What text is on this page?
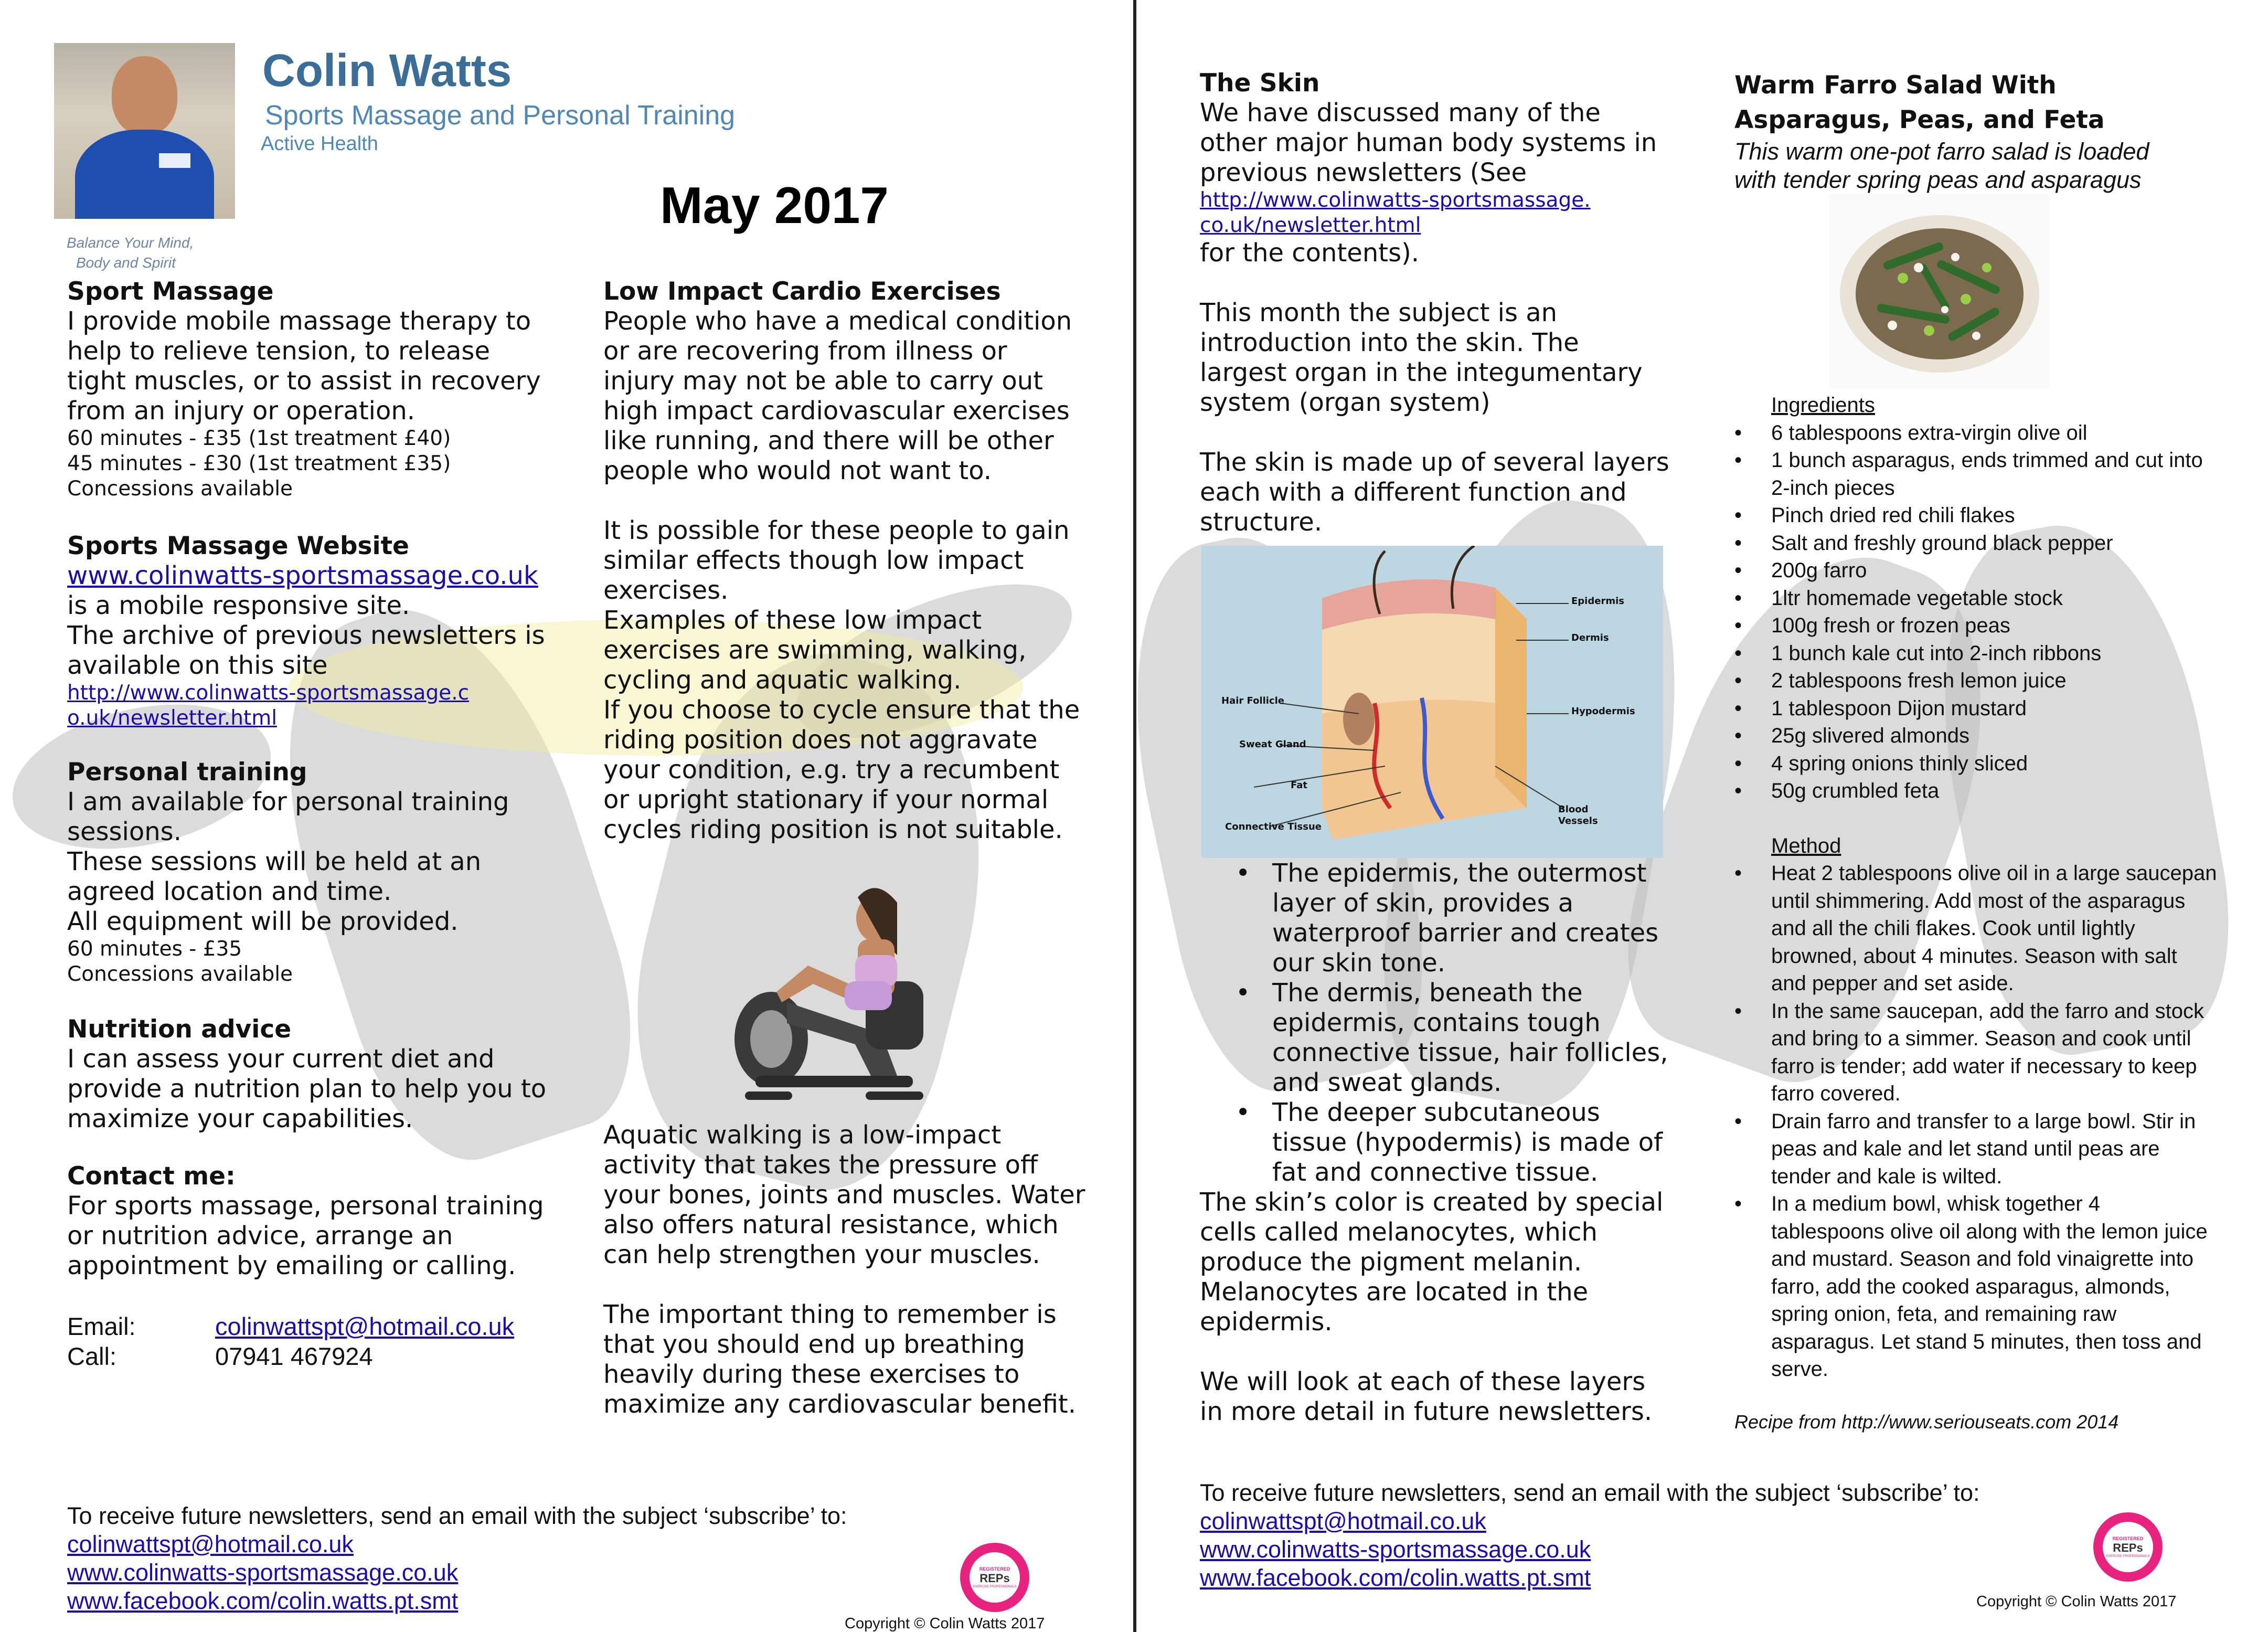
Colin Watts
Sports Massage and Personal Training
Active Health
Balance Your Mind,
Body and Spirit
May 2017
Sport Massage
I provide mobile massage therapy to help to relieve tension, to release tight muscles, or to assist in recovery from an injury or operation.
60 minutes - £35 (1st treatment £40)
45 minutes - £30 (1st treatment £35)
Concessions available
Sports Massage Website
www.colinwatts-sportsmassage.co.uk
is a mobile responsive site.
The archive of previous newsletters is available on this site
http://www.colinwatts-sportsmassage.co.uk/newsletter.html
Personal training
I am available for personal training sessions.
These sessions will be held at an agreed location and time.
All equipment will be provided.
60 minutes - £35
Concessions available
Nutrition advice
I can assess your current diet and provide a nutrition plan to help you to maximize your capabilities.
Contact me:
For sports massage, personal training or nutrition advice, arrange an appointment by emailing or calling.
Email:	colinwattspt@hotmail.co.uk
Call:	07941 467924
Low Impact Cardio Exercises
People who have a medical condition or are recovering from illness or injury may not be able to carry out high impact cardiovascular exercises like running, and there will be other people who would not want to.
It is possible for these people to gain similar effects though low impact exercises.
Examples of these low impact exercises are swimming, walking, cycling and aquatic walking.
If you choose to cycle ensure that the riding position does not aggravate your condition, e.g. try a recumbent or upright stationary if your normal cycles riding position is not suitable.
Aquatic walking is a low-impact activity that takes the pressure off your bones, joints and muscles. Water also offers natural resistance, which can help strengthen your muscles.
The important thing to remember is that you should end up breathing heavily during these exercises to maximize any cardiovascular benefit.
To receive future newsletters, send an email with the subject ‘subscribe’ to:
colinwattspt@hotmail.co.uk
www.colinwatts-sportsmassage.co.uk
www.facebook.com/colin.watts.pt.smt
REGISTERED
REPs
EXERCISE PROFESSIONALS
Copyright © Colin Watts 2017
The Skin
We have discussed many of the other major human body systems in previous newsletters (See
http://www.colinwatts-sportsmassage.co.uk/newsletter.html
for the contents).
This month the subject is an introduction into the skin. The largest organ in the integumentary system (organ system)
The skin is made up of several layers each with a different function and structure.
Epidermis
Dermis
Hypodermis
Hair Follicle
Sweat Gland
Fat
Connective Tissue
Blood
Vessels
• The epidermis, the outermost layer of skin, provides a waterproof barrier and creates our skin tone.
• The dermis, beneath the epidermis, contains tough connective tissue, hair follicles, and sweat glands.
• The deeper subcutaneous tissue (hypodermis) is made of fat and connective tissue.
The skin’s color is created by special cells called melanocytes, which produce the pigment melanin. Melanocytes are located in the epidermis.
We will look at each of these layers in more detail in future newsletters.
Warm Farro Salad With
Asparagus, Peas, and Feta
This warm one-pot farro salad is loaded with tender spring peas and asparagus
Ingredients
• 6 tablespoons extra-virgin olive oil
• 1 bunch asparagus, ends trimmed and cut into 2-inch pieces
• Pinch dried red chili flakes
• Salt and freshly ground black pepper
• 200g farro
• 1ltr homemade vegetable stock
• 100g fresh or frozen peas
• 1 bunch kale cut into 2-inch ribbons
• 2 tablespoons fresh lemon juice
• 1 tablespoon Dijon mustard
• 25g slivered almonds
• 4 spring onions thinly sliced
• 50g crumbled feta
Method
• Heat 2 tablespoons olive oil in a large saucepan until shimmering. Add most of the asparagus and all the chili flakes. Cook until lightly browned, about 4 minutes. Season with salt and pepper and set aside.
• In the same saucepan, add the farro and stock and bring to a simmer. Season and cook until farro is tender; add water if necessary to keep farro covered.
• Drain farro and transfer to a large bowl. Stir in peas and kale and let stand until peas are tender and kale is wilted.
• In a medium bowl, whisk together 4 tablespoons olive oil along with the lemon juice and mustard. Season and fold vinaigrette into farro, add the cooked asparagus, almonds, spring onion, feta, and remaining raw asparagus. Let stand 5 minutes, then toss and serve.
Recipe from http://www.seriouseats.com 2014
To receive future newsletters, send an email with the subject ‘subscribe’ to:
colinwattspt@hotmail.co.uk
www.colinwatts-sportsmassage.co.uk
www.facebook.com/colin.watts.pt.smt
REGISTERED
REPs
EXERCISE PROFESSIONALS
Copyright © Colin Watts 2017
